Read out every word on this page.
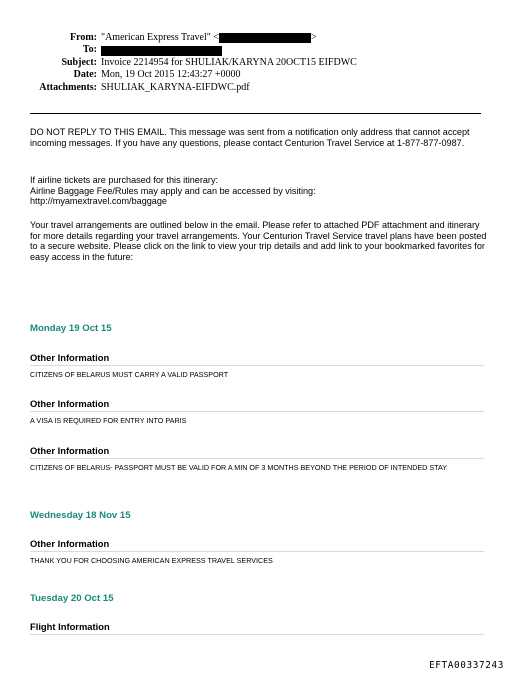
From: "American Express Travel" <	>
To:
Subject: Invoice 2214954 for SHULIAK/KARYNA 20OCT15 EIFDWC
Date: Mon, 19 Oct 2015 12:43:27 +0000
Attachments: SHULIAK_KARYNA-EIFDWC.pdf
DO NOT REPLY TO THIS EMAIL. This message was sent from a notification only address that cannot accept incoming messages. If you have any questions, please contact Centurion Travel Service at 1-877-877-0987.
If airline tickets are purchased for this itinerary:
Airline Baggage Fee/Rules may apply and can be accessed by visiting:
http://myamextravel.com/baggage
Your travel arrangements are outlined below in the email. Please refer to attached PDF attachment and itinerary for more details regarding your travel arrangements. Your Centurion Travel Service travel plans have been posted to a secure website. Please click on the link to view your trip details and add link to your bookmarked favorites for easy access in the future:
Monday 19 Oct 15
Other Information
CITIZENS OF BELARUS MUST CARRY A VALID PASSPORT
Other Information
A VISA IS REQUIRED FOR ENTRY INTO PARIS
Other Information
CITIZENS OF BELARUS- PASSPORT MUST BE VALID FOR A MIN OF 3 MONTHS BEYOND THE PERIOD OF INTENDED STAY
Wednesday 18 Nov 15
Other Information
THANK YOU FOR CHOOSING AMERICAN EXPRESS TRAVEL SERVICES
Tuesday 20 Oct 15
Flight Information
EFTA00337243
